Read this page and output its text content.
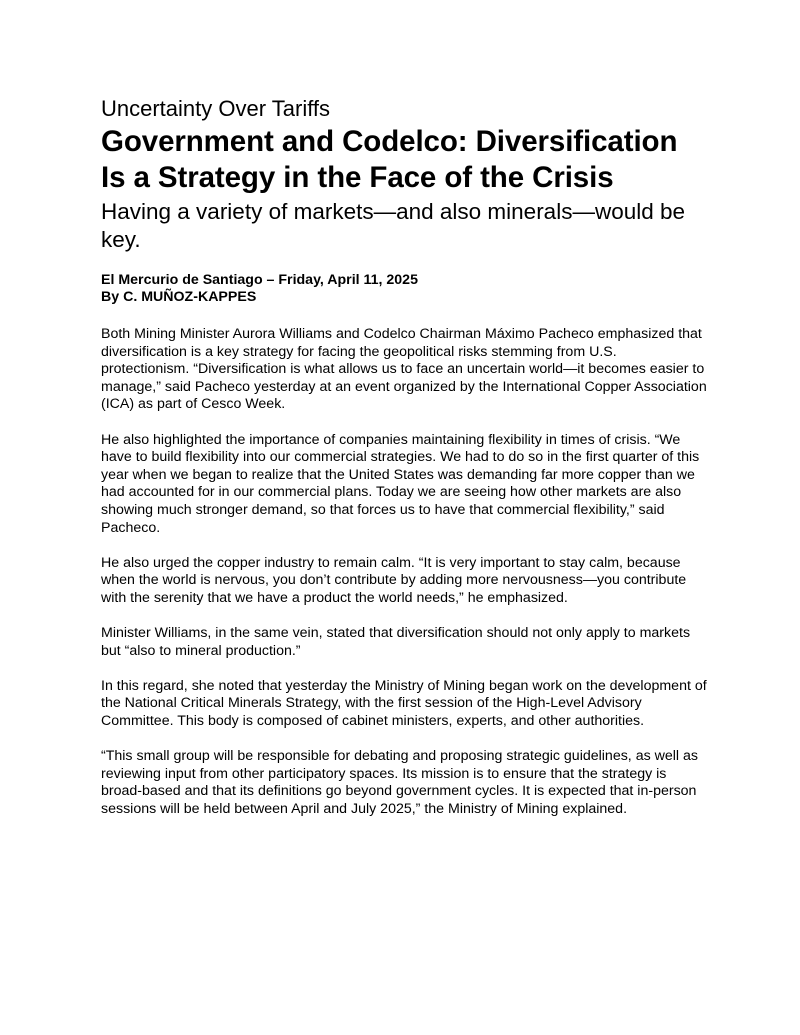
Uncertainty Over Tariffs
Government and Codelco: Diversification Is a Strategy in the Face of the Crisis
Having a variety of markets—and also minerals—would be key.
El Mercurio de Santiago – Friday, April 11, 2025
By C. MUÑOZ-KAPPES

Both Mining Minister Aurora Williams and Codelco Chairman Máximo Pacheco emphasized that diversification is a key strategy for facing the geopolitical risks stemming from U.S. protectionism. “Diversification is what allows us to face an uncertain world—it becomes easier to manage,” said Pacheco yesterday at an event organized by the International Copper Association (ICA) as part of Cesco Week.

He also highlighted the importance of companies maintaining flexibility in times of crisis. “We have to build flexibility into our commercial strategies. We had to do so in the first quarter of this year when we began to realize that the United States was demanding far more copper than we had accounted for in our commercial plans. Today we are seeing how other markets are also showing much stronger demand, so that forces us to have that commercial flexibility,” said Pacheco.

He also urged the copper industry to remain calm. “It is very important to stay calm, because when the world is nervous, you don’t contribute by adding more nervousness—you contribute with the serenity that we have a product the world needs,” he emphasized.

Minister Williams, in the same vein, stated that diversification should not only apply to markets but “also to mineral production.”

In this regard, she noted that yesterday the Ministry of Mining began work on the development of the National Critical Minerals Strategy, with the first session of the High-Level Advisory Committee. This body is composed of cabinet ministers, experts, and other authorities.

“This small group will be responsible for debating and proposing strategic guidelines, as well as reviewing input from other participatory spaces. Its mission is to ensure that the strategy is broad-based and that its definitions go beyond government cycles. It is expected that in-person sessions will be held between April and July 2025,” the Ministry of Mining explained.
